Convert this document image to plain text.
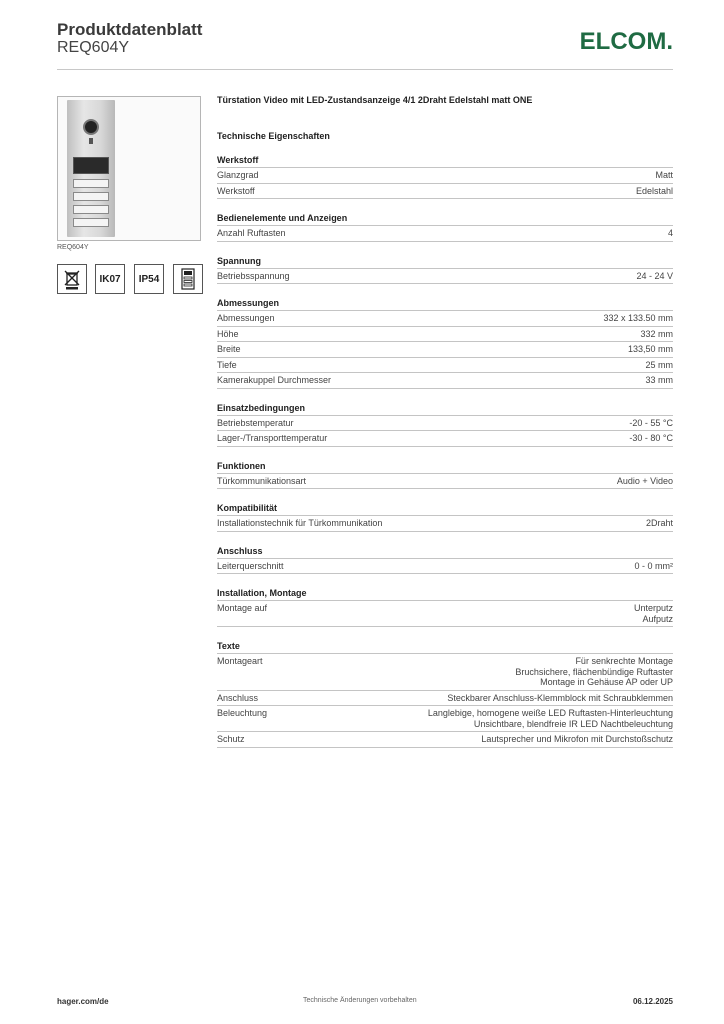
Produktdatenblatt
REQ604Y	ELCOM.
REQ604Y
IK07	IP54
Türstation Video mit LED-Zustandsanzeige 4/1 2Draht Edelstahl matt ONE
Technische Eigenschaften
Werkstoff
Glanzgrad	Matt
Werkstoff	Edelstahl
Bedienelemente und Anzeigen
Anzahl Ruftasten	4
Spannung
Betriebsspannung	24 - 24 V
Abmessungen
Abmessungen	332 x 133.50 mm
Höhe	332 mm
Breite	133,50 mm
Tiefe	25 mm
Kamerakuppel Durchmesser	33 mm
Einsatzbedingungen
Betriebstemperatur	-20 - 55 °C
Lager-/Transporttemperatur	-30 - 80 °C
Funktionen
Türkommunikationsart	Audio + Video
Kompatibilität
Installationstechnik für Türkommunikation	2Draht
Anschluss
Leiterquerschnitt	0 - 0 mm²
Installation, Montage
Montage auf	Unterputz
Aufputz
Texte
Montageart	Für senkrechte Montage
Bruchsichere, flächenbündige Ruftaster
Montage in Gehäuse AP oder UP
Anschluss	Steckbarer Anschluss-Klemmblock mit Schraubklemmen
Beleuchtung	Langlebige, homogene weiße LED Ruftasten-Hinterleuchtung
Unsichtbare, blendfreie IR LED Nachtbeleuchtung
Schutz	Lautsprecher und Mikrofon mit Durchstoßschutz
hager.com/de	Technische Änderungen vorbehalten	06.12.2025
